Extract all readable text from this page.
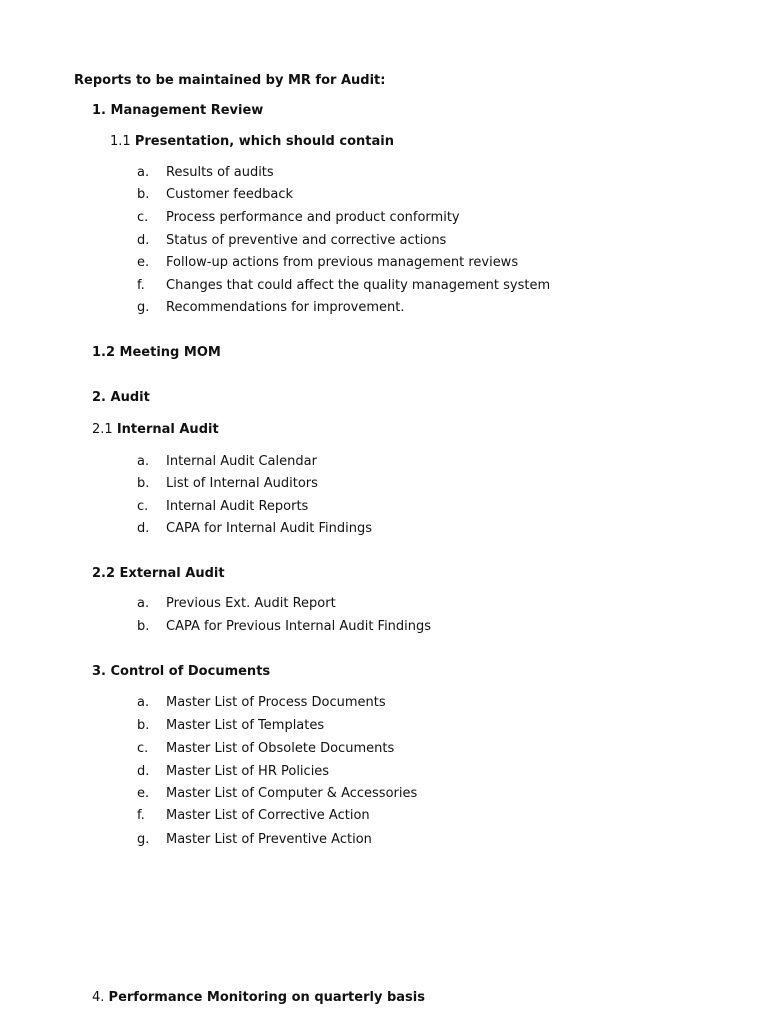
Reports to be maintained by MR for Audit:
1. Management Review
1.1 Presentation, which should contain
a. Results of audits
b. Customer feedback
c. Process performance and product conformity
d. Status of preventive and corrective actions
e. Follow-up actions from previous management reviews
f. Changes that could affect the quality management system
g. Recommendations for improvement.
1.2 Meeting MOM
2. Audit
2.1 Internal Audit
a. Internal Audit Calendar
b. List of Internal Auditors
c. Internal Audit Reports
d. CAPA for Internal Audit Findings
2.2 External Audit
a. Previous Ext. Audit Report
b. CAPA for Previous Internal Audit Findings
3. Control of Documents
a. Master List of Process Documents
b. Master List of Templates
c. Master List of Obsolete Documents
d. Master List of HR Policies
e. Master List of Computer & Accessories
f. Master List of Corrective Action
g. Master List of Preventive Action
4. Performance Monitoring on quarterly basis
